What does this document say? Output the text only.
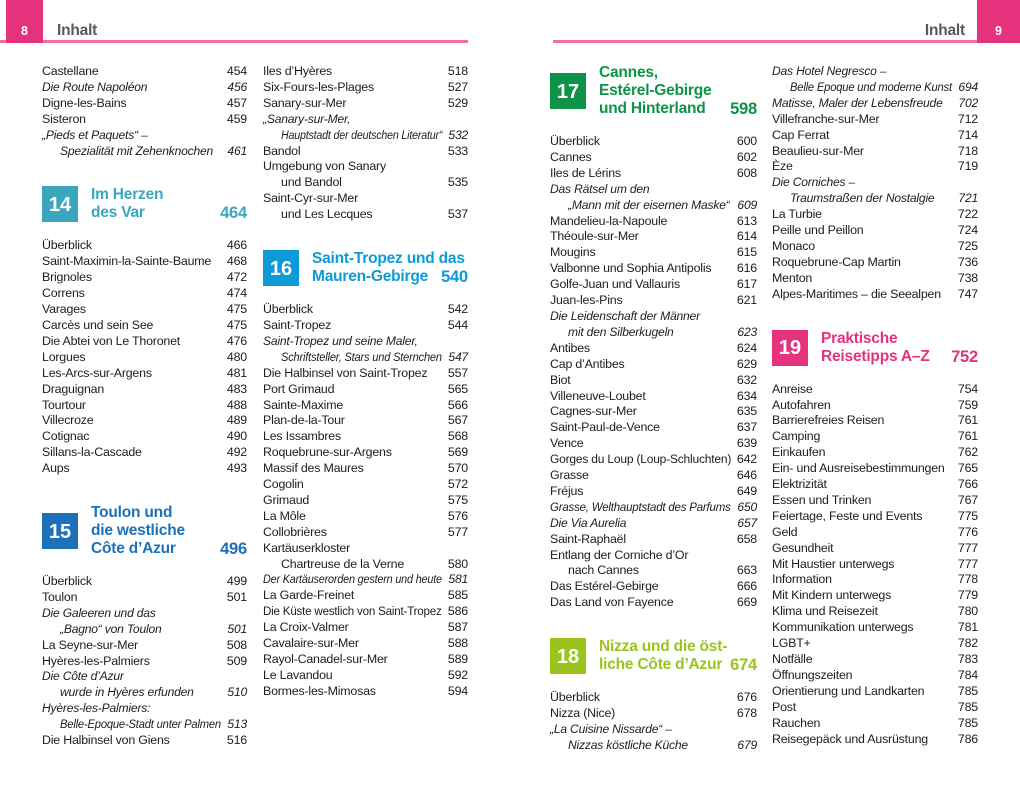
8 Inhalt	9
Inhalt
Castellane	454
Die Route Napoléon	456
Digne-les-Bains	457
Sisteron	459
„Pieds et Paquets“ –
Spezialität mit Zehenknochen 461
14 Im Herzen
des Var	464
Überblick	466
Saint-Maximin-la-Sainte-Baume 468
Brignoles	472
Correns	474
Varages	475
Carcès und sein See	475
Die Abtei von Le Thoronet	476
Lorgues	480
Les-Arcs-sur-Argens	481
Draguignan	483
Tourtour	488
Villecroze	489
Cotignac	490
Sillans-la-Cascade	492
Aups	493
15
Toulon und
die westliche
Côte d’Azur	496
Überblick	499
Toulon	501
Die Galeeren und das
„Bagno“ von Toulon	501
La Seyne-sur-Mer	508
Hyères-les-Palmiers	509
Die Côte d’Azur
wurde in Hyères erfunden	510
Hyères-les-Palmiers:
Belle-Epoque-Stadt unter Palmen 513
Die Halbinsel von Giens	516
Iles d’Hyères	518
Six-Fours-les-Plages	527
Sanary-sur-Mer	529
„Sanary-sur-Mer,
Hauptstadt der deutschen Literatur“ 532
Bandol	533
Umgebung von Sanary
und Bandol	535
Saint-Cyr-sur-Mer
und Les Lecques	537
16 Saint-Tropez und das
Mauren-Gebirge 540
Überblick	542
Saint-Tropez	544
Saint-Tropez und seine Maler,
Schriftsteller, Stars und Sternchen 547
Die Halbinsel von Saint-Tropez 557
Port Grimaud	565
Sainte-Maxime	566
Plan-de-la-Tour	567
Les Issambres	568
Roquebrune-sur-Argens	569
Massif des Maures	570
Cogolin	572
Grimaud	575
La Môle	576
Collobrières	577
Kartäuserkloster
Chartreuse de la Verne	580
Der Kartäuserorden gestern und heute 581
La Garde-Freinet	585
Die Küste westlich von Saint-Tropez 586
La Croix-Valmer	587
Cavalaire-sur-Mer	588
Rayol-Canadel-sur-Mer	589
Le Lavandou	592
Bormes-les-Mimosas	594
17
Cannes,
Estérel-Gebirge
und Hinterland 598
Überblick	600
Cannes	602
Iles de Lérins	608
Das Rätsel um den
„Mann mit der eisernen Maske“ 609
Mandelieu-la-Napoule	613
Théoule-sur-Mer	614
Mougins	615
Valbonne und Sophia Antipolis 616
Golfe-Juan und Vallauris	617
Juan-les-Pins	621
Die Leidenschaft der Männer
mit den Silberkugeln	623
Antibes	624
Cap d’Antibes	629
Biot	632
Villeneuve-Loubet	634
Cagnes-sur-Mer	635
Saint-Paul-de-Vence	637
Vence	639
Gorges du Loup (Loup-Schluchten) 642
Grasse	646
Fréjus	649
Grasse, Welthauptstadt des Parfums 650
Die Via Aurelia	657
Saint-Raphaël	658
Entlang der Corniche d’Or
nach Cannes	663
Das Estérel-Gebirge	666
Das Land von Fayence	669
18 Nizza und die öst-
liche Côte d’Azur 674
Überblick	676
Nizza (Nice)	678
„La Cuisine Nissarde“ –
Nizzas köstliche Küche	679
Das Hotel Negresco –
Belle Epoque und moderne Kunst 694
Matisse, Maler der Lebensfreude 702
Villefranche-sur-Mer	712
Cap Ferrat	714
Beaulieu-sur-Mer	718
Èze	719
Die Corniches –
Traumstraßen der Nostalgie 721
La Turbie	722
Peille und Peillon	724
Monaco	725
Roquebrune-Cap Martin	736
Menton	738
Alpes-Maritimes – die Seealpen 747
19 Praktische
Reisetipps A–Z 752
Anreise	754
Autofahren	759
Barrierefreies Reisen	761
Camping	761
Einkaufen	762
Ein- und Ausreisebestimmungen 765
Elektrizität	766
Essen und Trinken	767
Feiertage, Feste und Events	775
Geld	776
Gesundheit	777
Mit Haustier unterwegs	777
Information	778
Mit Kindern unterwegs	779
Klima und Reisezeit	780
Kommunikation unterwegs	781
LGBT+	782
Notfälle	783
Öffnungszeiten	784
Orientierung und Landkarten	785
Post	785
Rauchen	785
Reisegepäck und Ausrüstung 786
